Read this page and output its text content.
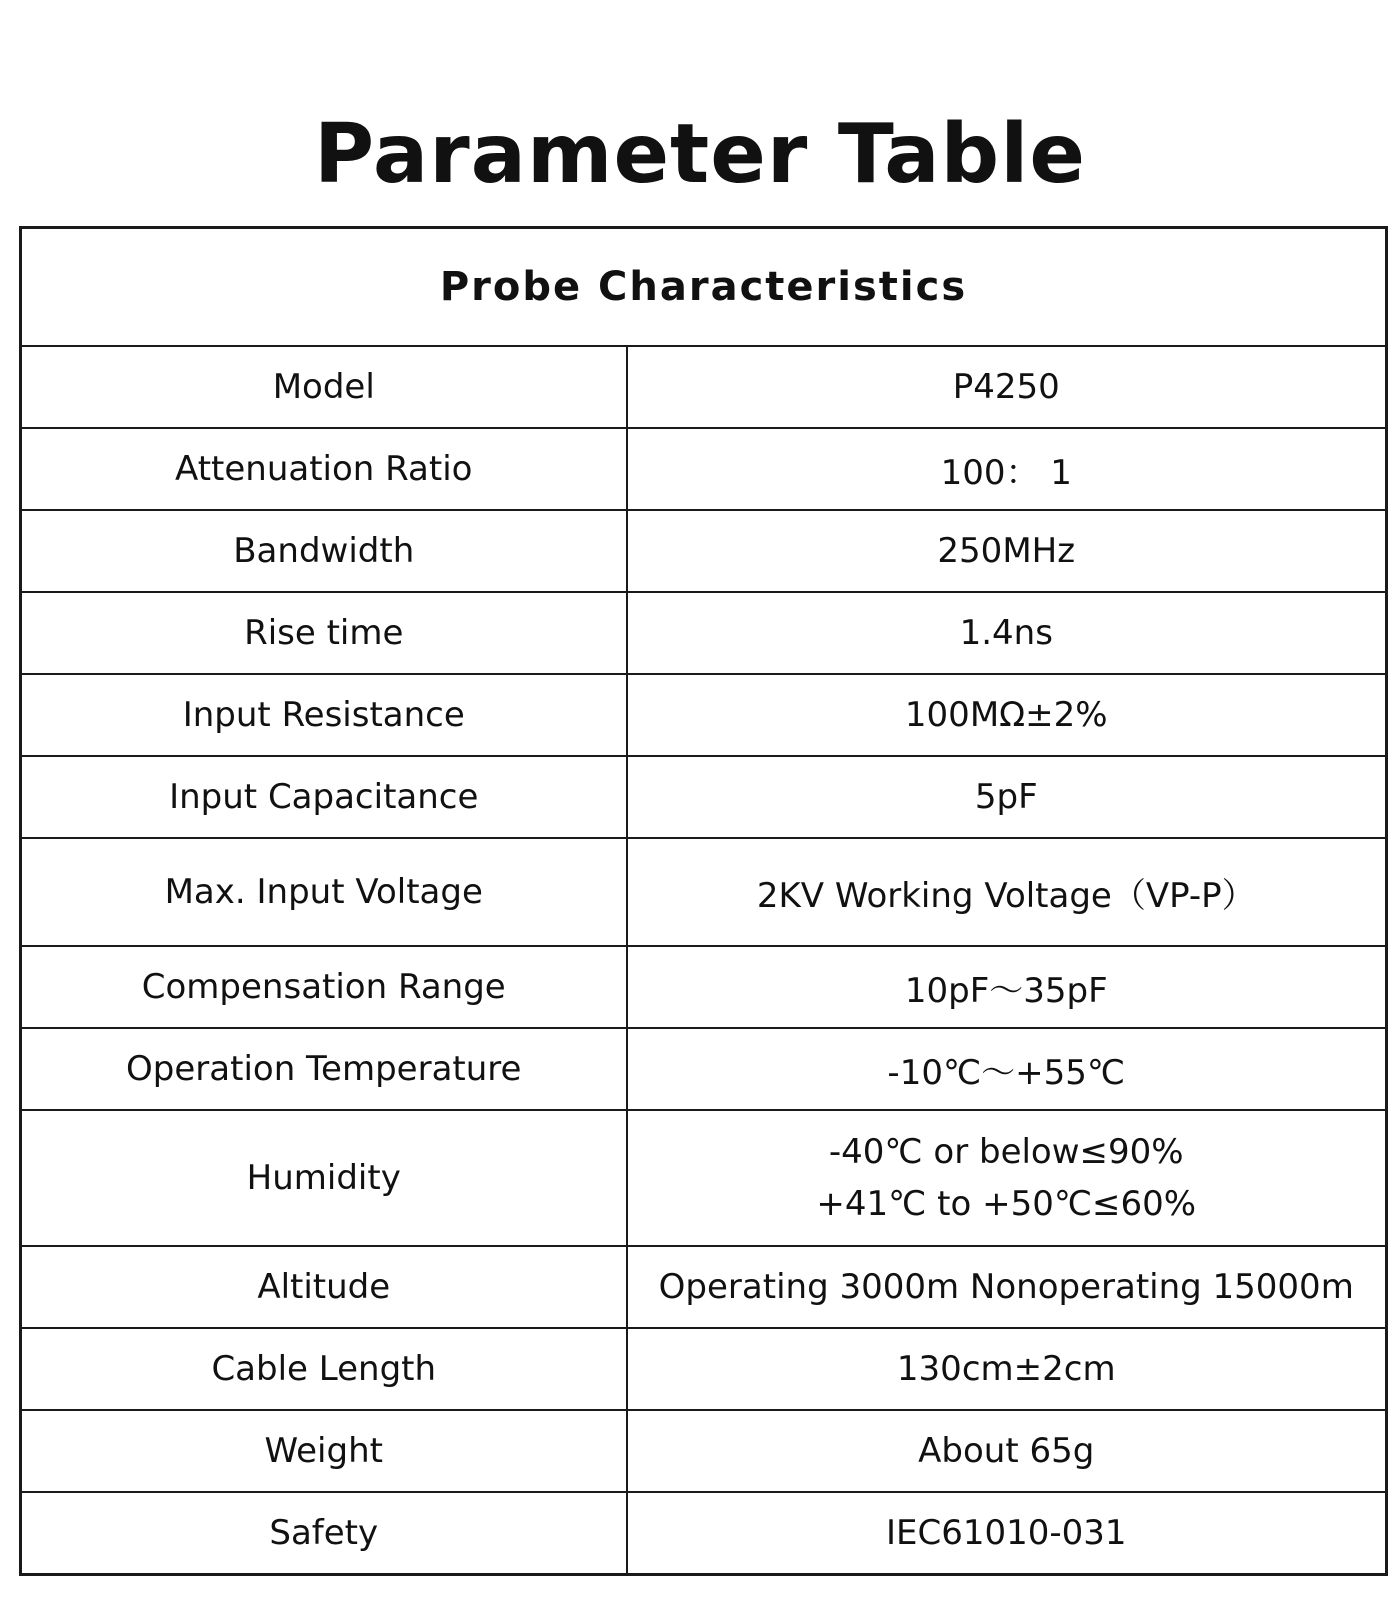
Parameter Table
Probe Characteristics	
Model	P4250
Attenuation Ratio	100： 1
Bandwidth	250MHz
Rise time	1.4ns
Input Resistance	100MΩ±2%
Input Capacitance	5pF
Max. Input Voltage	2KV Working Voltage（VP-P）
Compensation Range	10pF～35pF
Operation Temperature	-10℃～+55℃
Humidity	-40℃ or below≤90%
+41℃ to +50℃≤60%

Altitude	Operating 3000m Nonoperating 15000m
Cable Length	130cm±2cm
Weight	About 65g
Safety	IEC61010-031
